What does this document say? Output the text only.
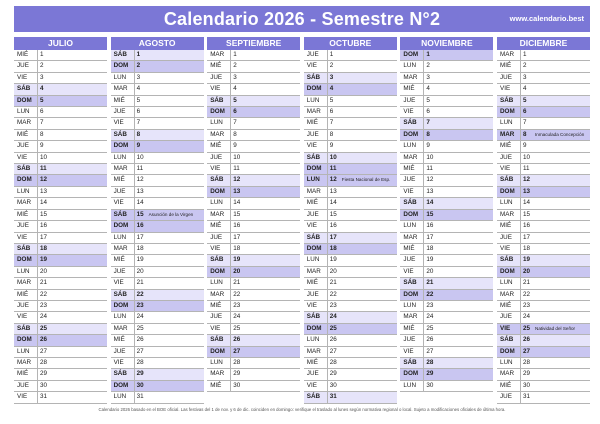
Calendario 2026 - Semestre N°2	www.calendario.best
JULIO
MIÉ	1
JUE	2
VIE	3
SÁB	4
DOM	5
LUN	6
MAR	7
MIÉ	8
JUE	9
VIE	10
SÁB	11
DOM	12
LUN	13
MAR	14
MIÉ	15
JUE	16
VIE	17
SÁB	18
DOM	19
LUN	20
MAR	21
MIÉ	22
JUE	23
VIE	24
SÁB	25
DOM	26
LUN	27
MAR	28
MIÉ	29
JUE	30
VIE	31
AGOSTO
SÁB	1
DOM	2
LUN	3
MAR	4
MIÉ	5
JUE	6
VIE	7
SÁB	8
DOM	9
LUN	10
MAR	11
MIÉ	12
JUE	13
VIE	14
SÁB	15 Asunción de la Virgen
DOM	16
LUN	17
MAR	18
MIÉ	19
JUE	20
VIE	21
SÁB	22
DOM	23
LUN	24
MAR	25
MIÉ	26
JUE	27
VIE	28
SÁB	29
DOM	30
LUN	31
SEPTIEMBRE
MAR	1
MIÉ	2
JUE	3
VIE	4
SÁB	5
DOM	6
LUN	7
MAR	8
MIÉ	9
JUE	10
VIE	11
SÁB	12
DOM	13
LUN	14
MAR	15
MIÉ	16
JUE	17
VIE	18
SÁB	19
DOM	20
LUN	21
MAR	22
MIÉ	23
JUE	24
VIE	25
SÁB	26
DOM	27
LUN	28
MAR	29
MIÉ	30
OCTUBRE
JUE	1
VIE	2
SÁB	3
DOM	4
LUN	5
MAR	6
MIÉ	7
JUE	8
VIE	9
SÁB	10
DOM	11
LUN	12 Fiesta Nacional de Esp.
MAR	13
MIÉ	14
JUE	15
VIE	16
SÁB	17
DOM	18
LUN	19
MAR	20
MIÉ	21
JUE	22
VIE	23
SÁB	24
DOM	25
LUN	26
MAR	27
MIÉ	28
JUE	29
VIE	30
SÁB	31
NOVIEMBRE
DOM	1
LUN	2
MAR	3
MIÉ	4
JUE	5
VIE	6
SÁB	7
DOM	8
LUN	9
MAR	10
MIÉ	11
JUE	12
VIE	13
SÁB	14
DOM	15
LUN	16
MAR	17
MIÉ	18
JUE	19
VIE	20
SÁB	21
DOM	22
LUN	23
MAR	24
MIÉ	25
JUE	26
VIE	27
SÁB	28
DOM	29
LUN	30
DICIEMBRE
MAR	1
MIÉ	2
JUE	3
VIE	4
SÁB	5
DOM	6
LUN	7
MAR	8 Inmaculada Concepción
MIÉ	9
JUE	10
VIE	11
SÁB	12
DOM	13
LUN	14
MAR	15
MIÉ	16
JUE	17
VIE	18
SÁB	19
DOM	20
LUN	21
MAR	22
MIÉ	23
JUE	24
VIE	25 Natividad del Señor
SÁB	26
DOM	27
LUN	28
MAR	29
MIÉ	30
JUE	31
Calendario 2026 basado en el BOE oficial. Las festivas del 1 de nov. y 6 de dic. coinciden en domingo: verifique el traslado al lunes según normativa regional o local. Sujeto a modificaciones oficiales de última hora.
